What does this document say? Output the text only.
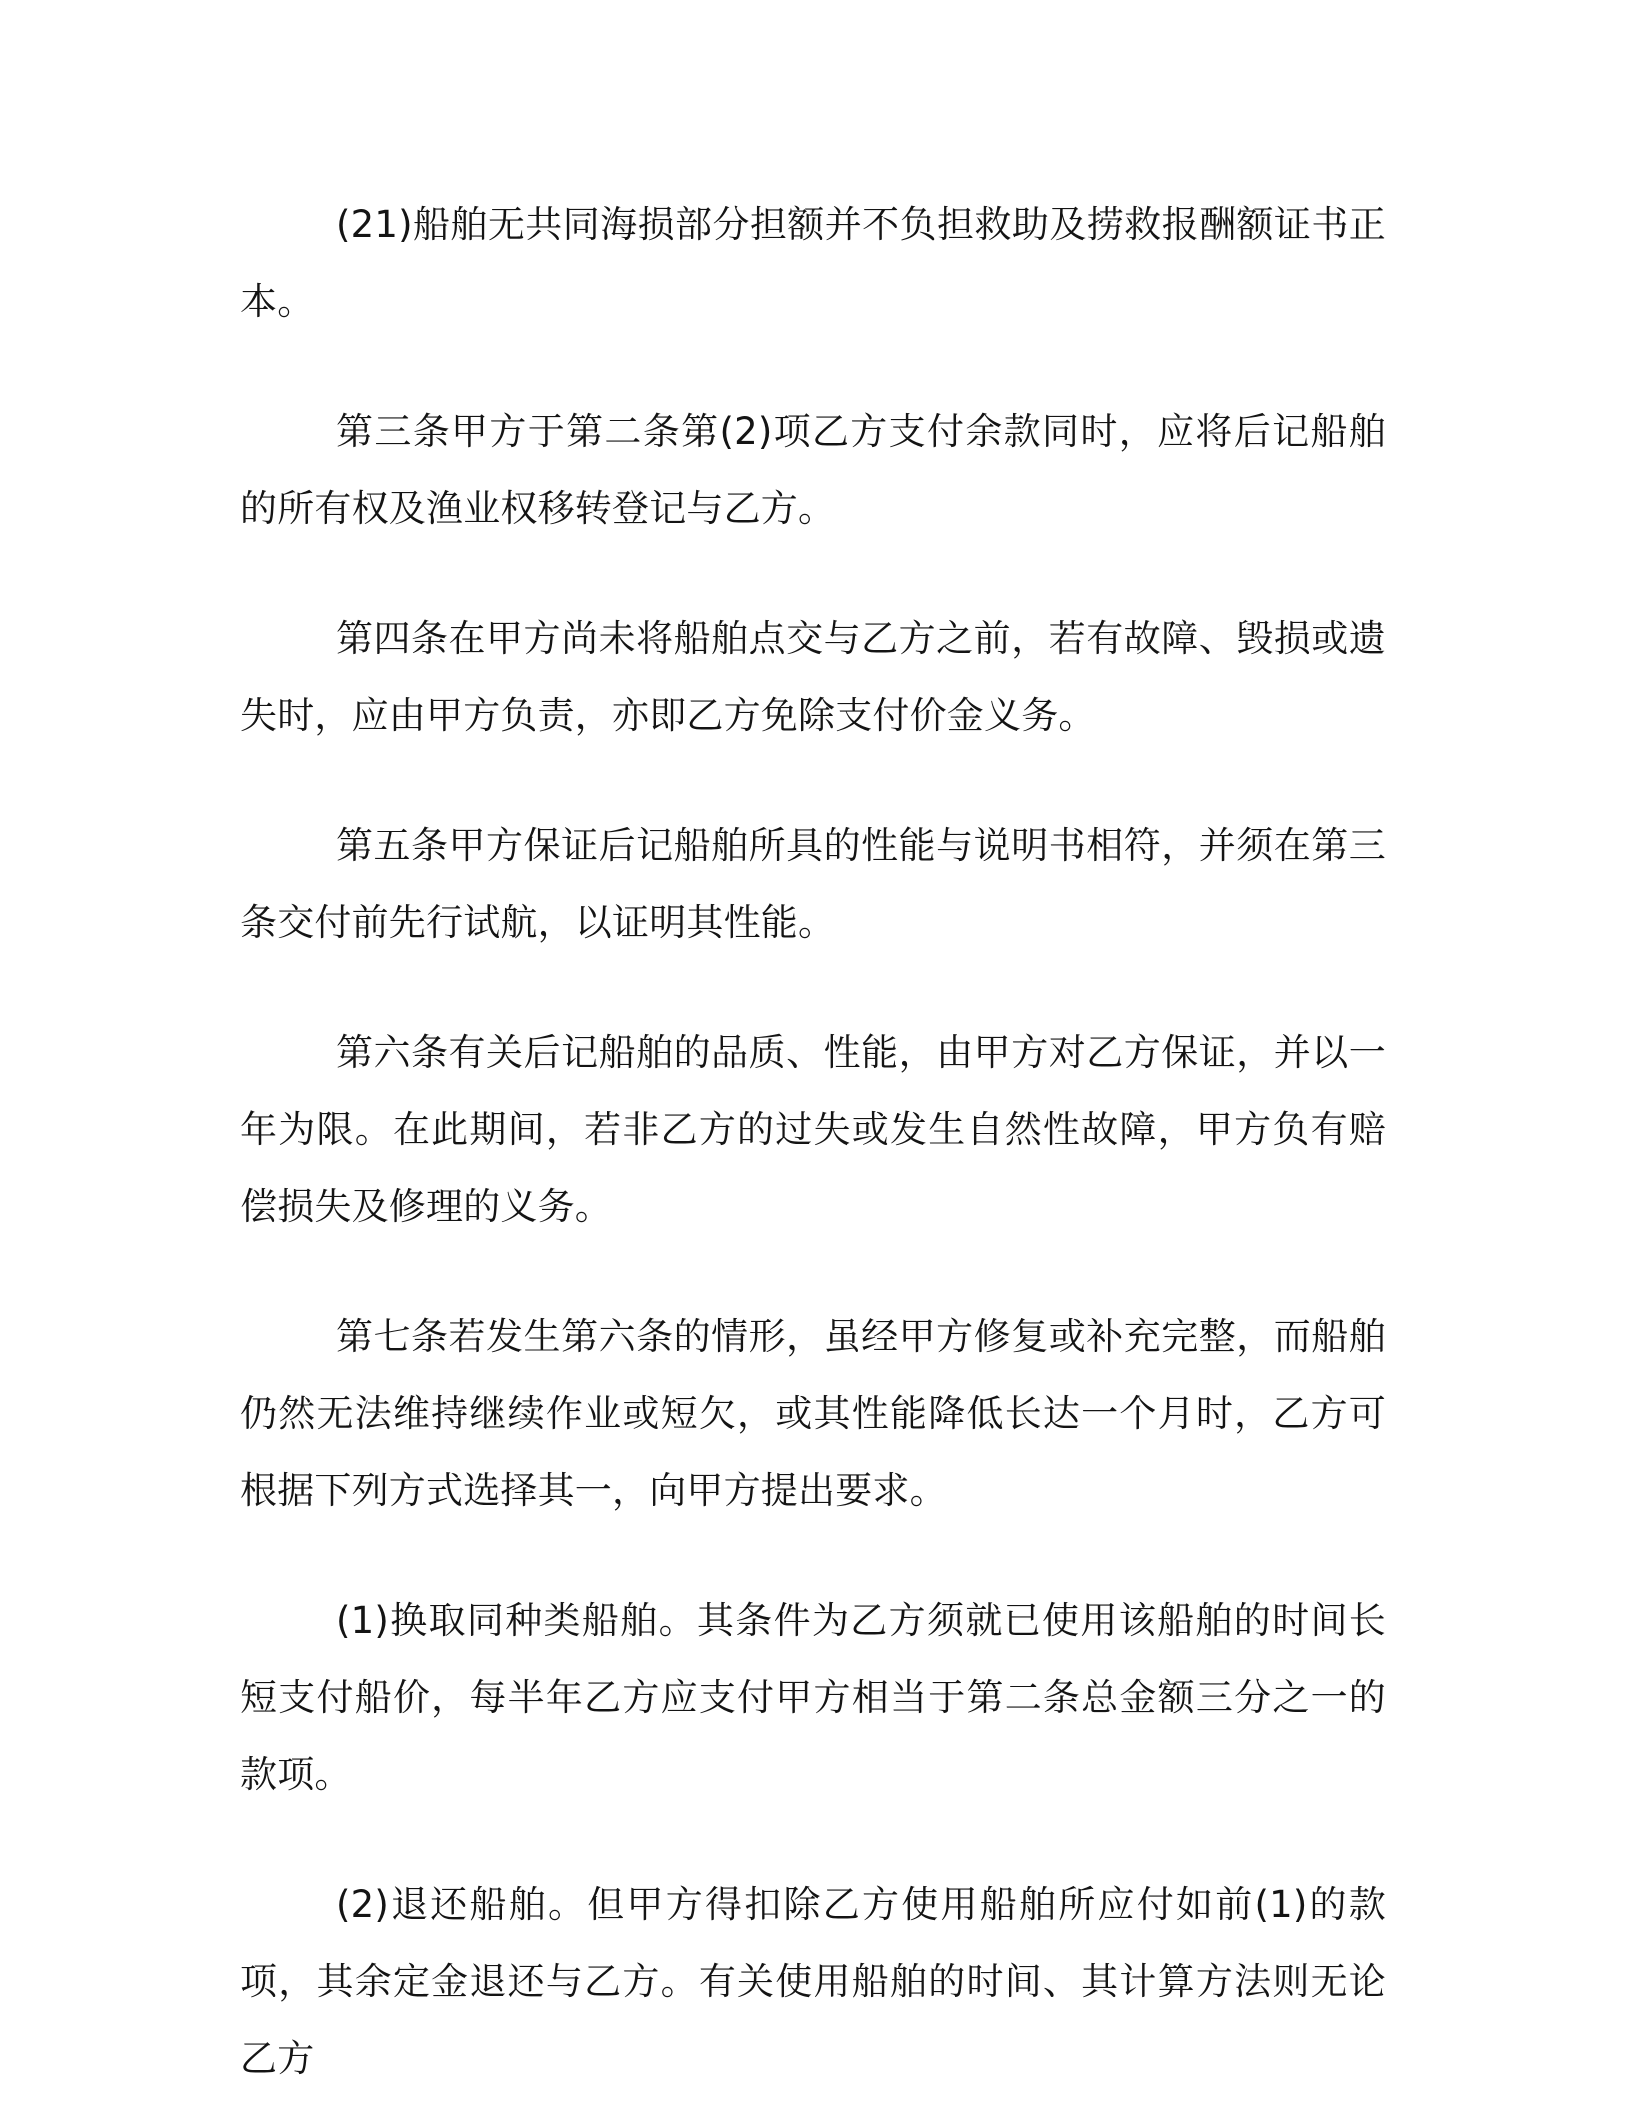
(21)船舶无共同海损部分担额并不负担救助及捞救报酬额证书正本。

第三条甲方于第二条第(2)项乙方支付余款同时，应将后记船舶的所有权及渔业权移转登记与乙方。

第四条在甲方尚未将船舶点交与乙方之前，若有故障、毁损或遗失时，应由甲方负责，亦即乙方免除支付价金义务。

第五条甲方保证后记船舶所具的性能与说明书相符，并须在第三条交付前先行试航，以证明其性能。

第六条有关后记船舶的品质、性能，由甲方对乙方保证，并以一年为限。在此期间，若非乙方的过失或发生自然性故障，甲方负有赔偿损失及修理的义务。

第七条若发生第六条的情形，虽经甲方修复或补充完整，而船舶仍然无法维持继续作业或短欠，或其性能降低长达一个月时，乙方可根据下列方式选择其一，向甲方提出要求。

(1)换取同种类船舶。其条件为乙方须就已使用该船舶的时间长短支付船价，每半年乙方应支付甲方相当于第二条总金额三分之一的款项。

(2)退还船舶。但甲方得扣除乙方使用船舶所应付如前(1)的款项，其余定金退还与乙方。有关使用船舶的时间、其计算方法则无论乙方
